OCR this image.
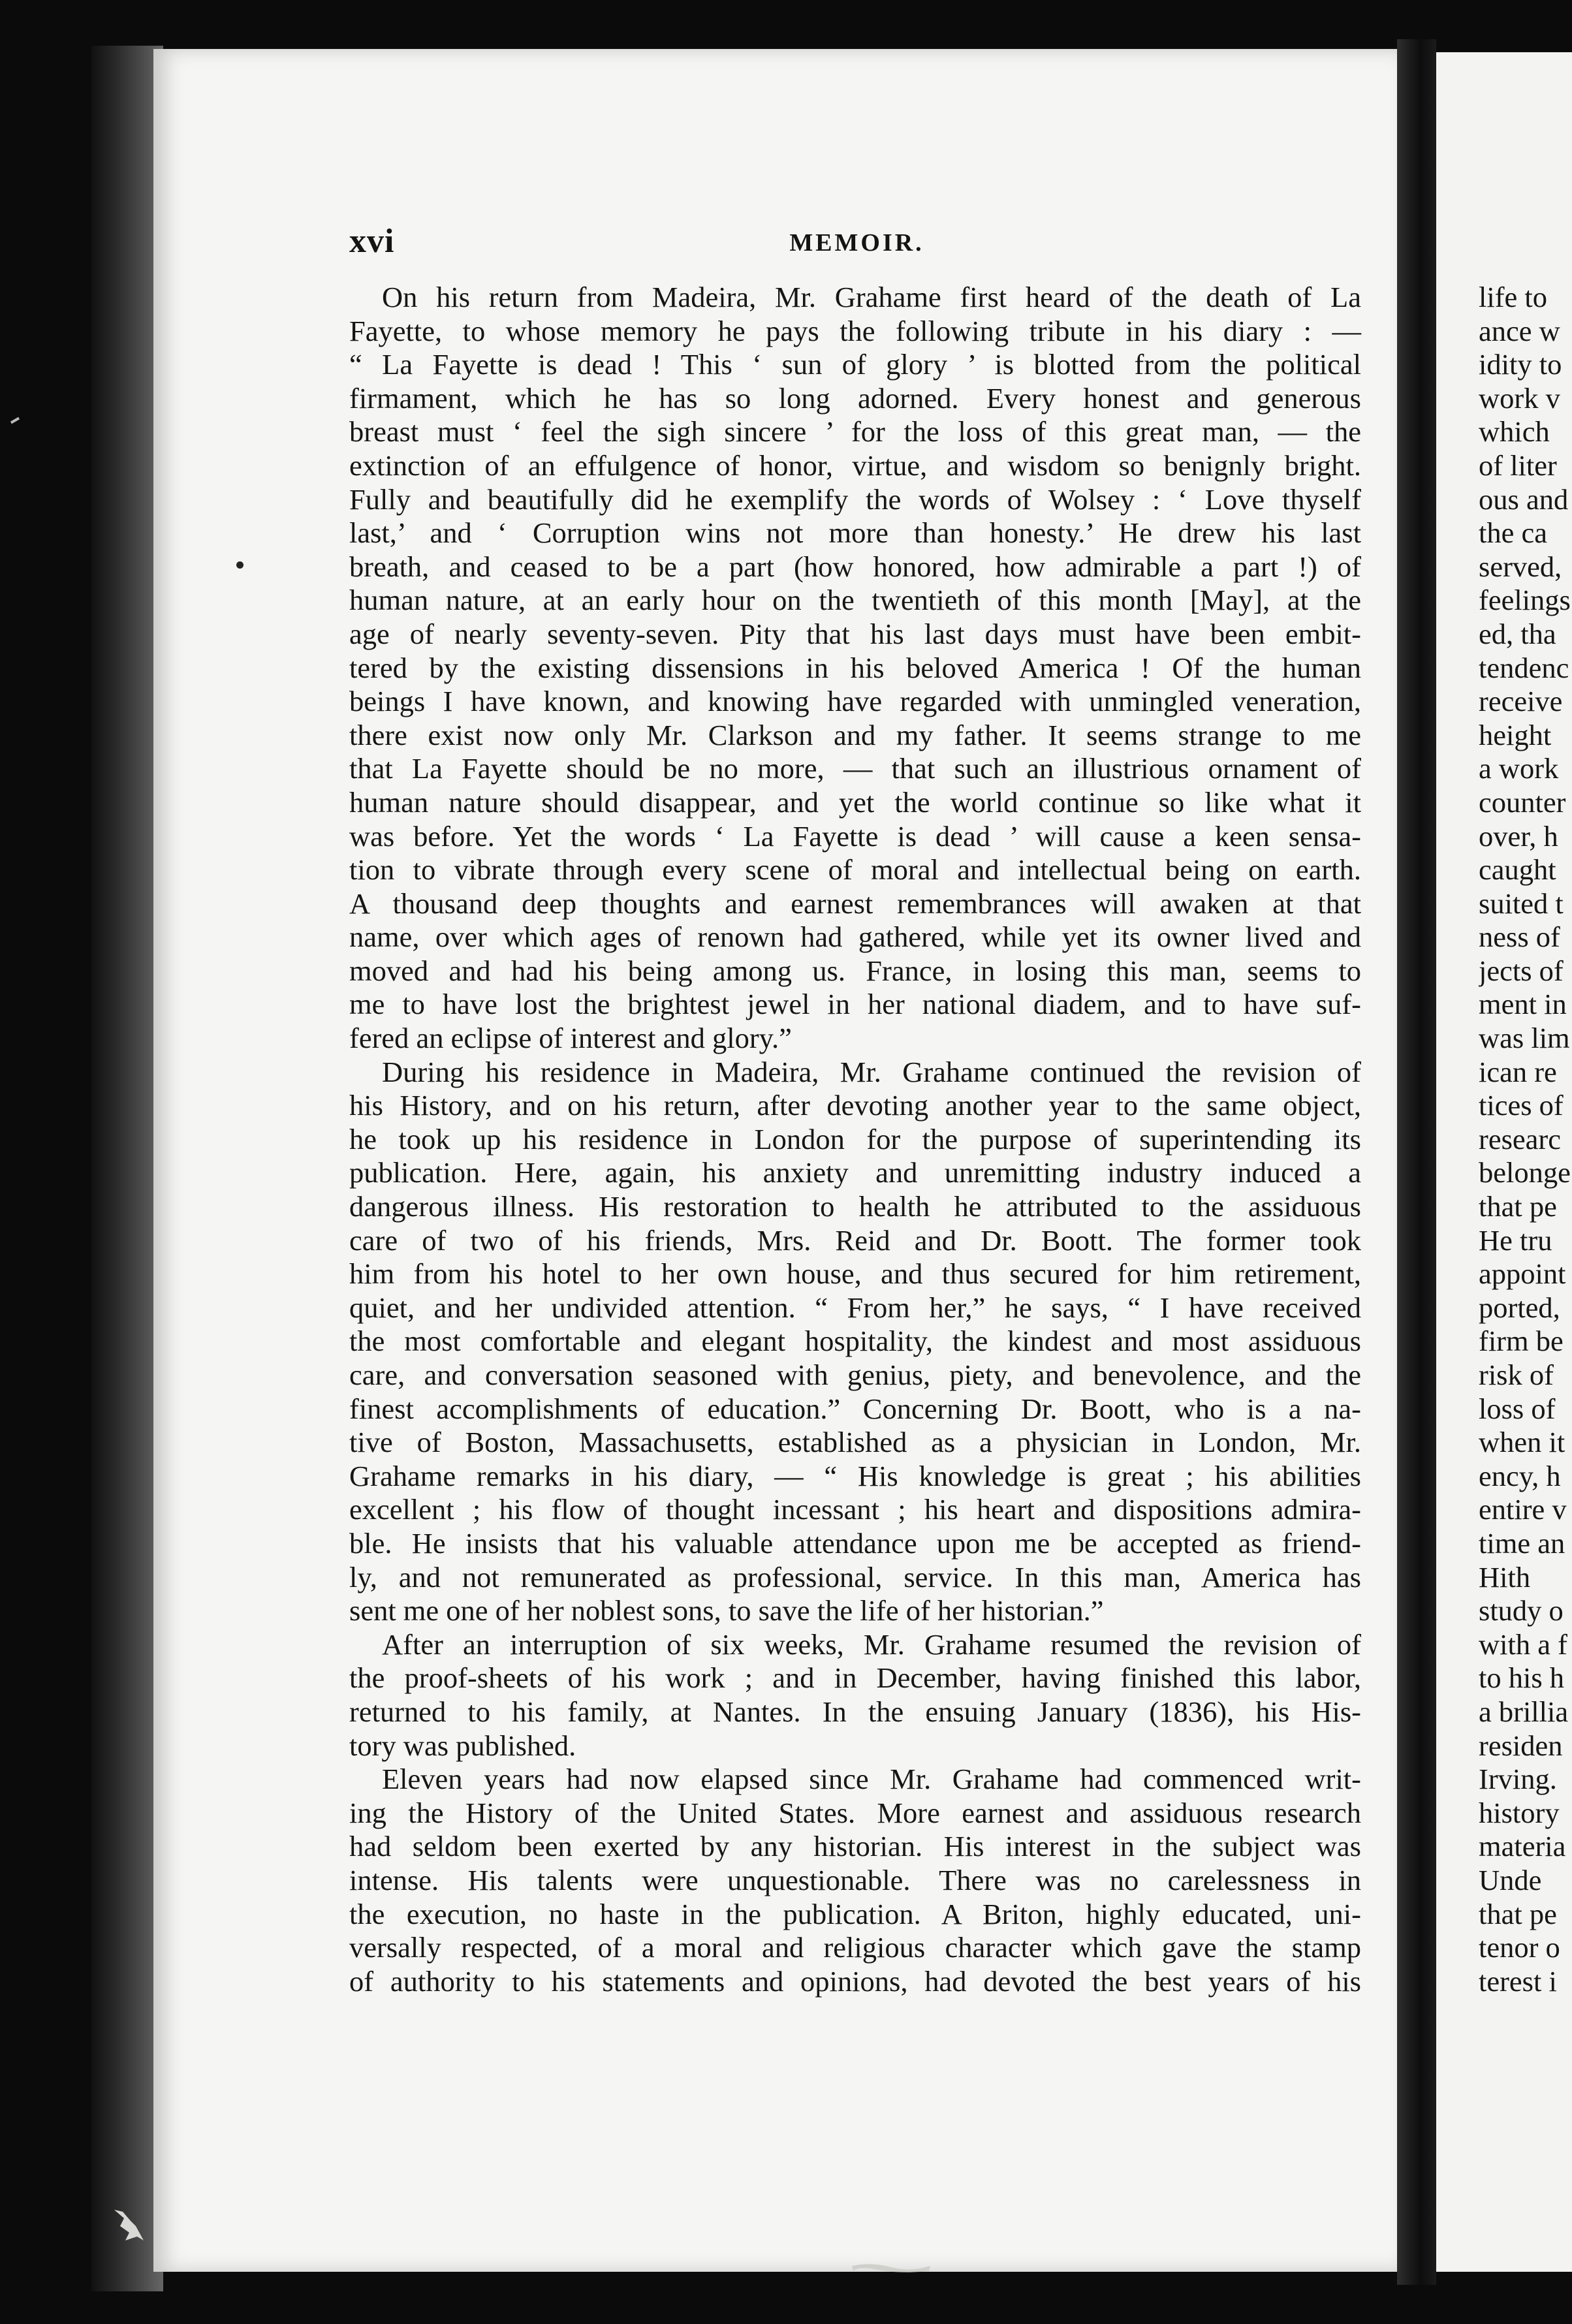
xvi	MEMOIR.
On his return from Madeira, Mr. Grahame first heard of the death of La
Fayette, to whose memory he pays the following tribute in his diary : —
“ La Fayette is dead ! This ‘ sun of glory ’ is blotted from the political
firmament, which he has so long adorned. Every honest and generous
breast must ‘ feel the sigh sincere ’ for the loss of this great man, — the
extinction of an effulgence of honor, virtue, and wisdom so benignly bright.
Fully and beautifully did he exemplify the words of Wolsey : ‘ Love thyself
last,’ and ‘ Corruption wins not more than honesty.’ He drew his last
breath, and ceased to be a part (how honored, how admirable a part !) of
human nature, at an early hour on the twentieth of this month [May], at the
age of nearly seventy-seven. Pity that his last days must have been embit-
tered by the existing dissensions in his beloved America ! Of the human
beings I have known, and knowing have regarded with unmingled veneration,
there exist now only Mr. Clarkson and my father. It seems strange to me
that La Fayette should be no more, — that such an illustrious ornament of
human nature should disappear, and yet the world continue so like what it
was before. Yet the words ‘ La Fayette is dead ’ will cause a keen sensa-
tion to vibrate through every scene of moral and intellectual being on earth.
A thousand deep thoughts and earnest remembrances will awaken at that
name, over which ages of renown had gathered, while yet its owner lived and
moved and had his being among us. France, in losing this man, seems to
me to have lost the brightest jewel in her national diadem, and to have suf-
fered an eclipse of interest and glory.”
During his residence in Madeira, Mr. Grahame continued the revision of
his History, and on his return, after devoting another year to the same object,
he took up his residence in London for the purpose of superintending its
publication. Here, again, his anxiety and unremitting industry induced a
dangerous illness. His restoration to health he attributed to the assiduous
care of two of his friends, Mrs. Reid and Dr. Boott. The former took
him from his hotel to her own house, and thus secured for him retirement,
quiet, and her undivided attention. “ From her,” he says, “ I have received
the most comfortable and elegant hospitality, the kindest and most assiduous
care, and conversation seasoned with genius, piety, and benevolence, and the
finest accomplishments of education.” Concerning Dr. Boott, who is a na-
tive of Boston, Massachusetts, established as a physician in London, Mr.
Grahame remarks in his diary, — “ His knowledge is great ; his abilities
excellent ; his flow of thought incessant ; his heart and dispositions admira-
ble. He insists that his valuable attendance upon me be accepted as friend-
ly, and not remunerated as professional, service. In this man, America has
sent me one of her noblest sons, to save the life of her historian.”
After an interruption of six weeks, Mr. Grahame resumed the revision of
the proof-sheets of his work ; and in December, having finished this labor,
returned to his family, at Nantes. In the ensuing January (1836), his His-
tory was published.
Eleven years had now elapsed since Mr. Grahame had commenced writ-
ing the History of the United States. More earnest and assiduous research
had seldom been exerted by any historian. His interest in the subject was
intense. His talents were unquestionable. There was no carelessness in
the execution, no haste in the publication. A Briton, highly educated, uni-
versally respected, of a moral and religious character which gave the stamp
of authority to his statements and opinions, had devoted the best years of his
life to
ance w
idity to
work v
which
of liter
ous and
the ca
served,
feelings
ed, tha
tendenc
receive
height
a work
counter
over, h
caught
suited t
ness of
jects of
ment in
was lim
ican re
tices of
researc
belonge
that pe
He tru
appoint
ported,
firm be
risk of
loss of
when it
ency, h
entire v
time an
Hith
study o
with a f
to his h
a brillia
residen
Irving.
history
materia
Unde
that pe
tenor o
terest i
